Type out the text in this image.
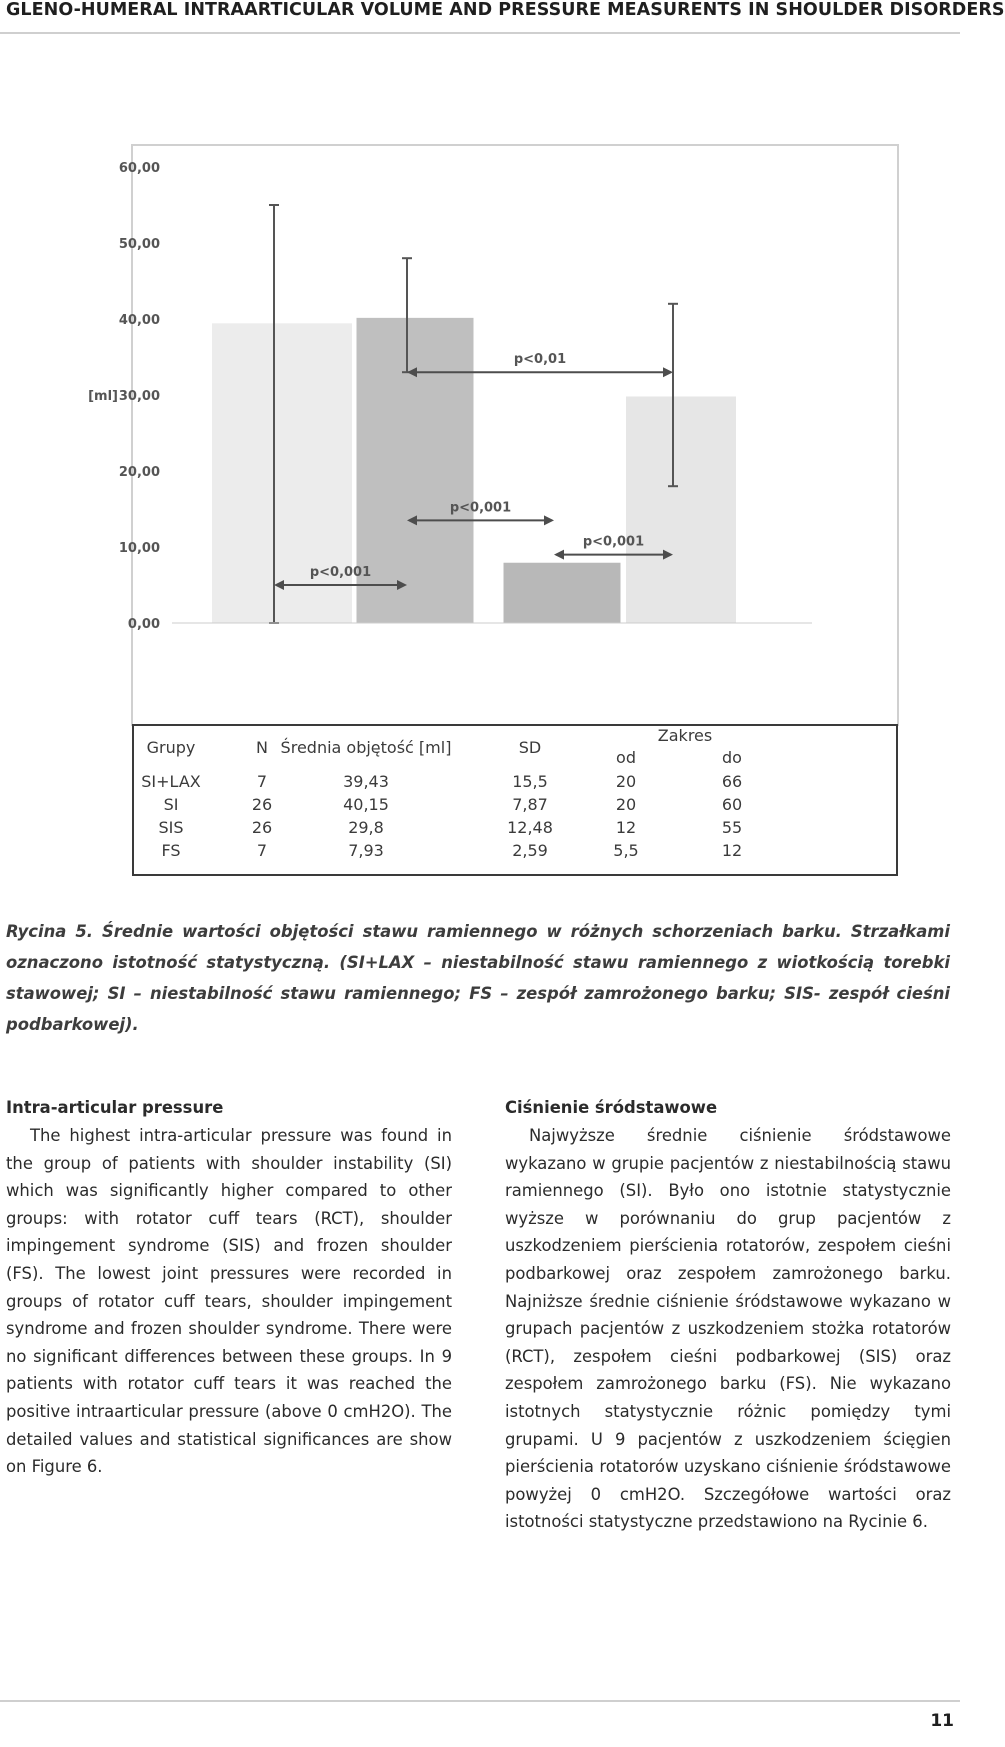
GLENO-HUMERAL INTRAARTICULAR VOLUME AND PRESSURE MEASURENTS IN SHOULDER DISORDERS
0,00
10,00
20,00
30,00
40,00
50,00
60,00
[ml]
SI+LAX	SI	FS	SIS
p<0,01
p<0,001
p<0,001
p<0,001
Grupy	N Średnia objętość [ml]	SD
Zakres
od	do
SI+LAX	7	39,43	15,5	20	66
SI	26	40,15	7,87	20	60
SIS	26	29,8	12,48	12	55
FS	7	7,93	2,59	5,5	12

Rycina 5. Średnie wartości objętości stawu ramiennego w różnych schorzeniach barku. Strzałkami oznaczono istotność statystyczną. (SI+LAX – niestabilność stawu ramiennego z wiotkością torebki stawowej; SI – niestabilność stawu ramiennego; FS – zespół zamrożonego barku; SIS- zespół cieśni podbarkowej).

Intra-articular pressure

The highest intra-articular pressure was found in the group of patients with shoulder instability (SI) which was significantly higher compared to other groups: with rotator cuff tears (RCT), shoulder impingement syndrome (SIS) and frozen shoulder (FS). The lowest joint pressures were recorded in groups of rotator cuff tears, shoulder impingement syndrome and frozen shoulder syndrome. There were no significant differences between these groups. In 9 patients with rotator cuff tears it was reached the positive intraarticular pressure (above 0 cmH2O). The detailed values and statistical significances are show on Figure 6.

Ciśnienie śródstawowe

Najwyższe średnie ciśnienie śródstawowe wykazano w grupie pacjentów z niestabilnością stawu ramiennego (SI). Było ono istotnie statystycznie wyższe w porównaniu do grup pacjentów z uszkodzeniem pierścienia rotatorów, zespołem cieśni podbarkowej oraz zespołem zamrożonego barku. Najniższe średnie ciśnienie śródstawowe wykazano w grupach pacjentów z uszkodzeniem stożka rotatorów (RCT), zespołem cieśni podbarkowej (SIS) oraz zespołem zamrożonego barku (FS). Nie wykazano istotnych statystycznie różnic pomiędzy tymi grupami. U 9 pacjentów z uszkodzeniem ścięgien pierścienia rotatorów uzyskano ciśnienie śródstawowe powyżej 0 cmH2O. Szczegółowe wartości oraz istotności statystyczne przedstawiono na Rycinie 6.

11
